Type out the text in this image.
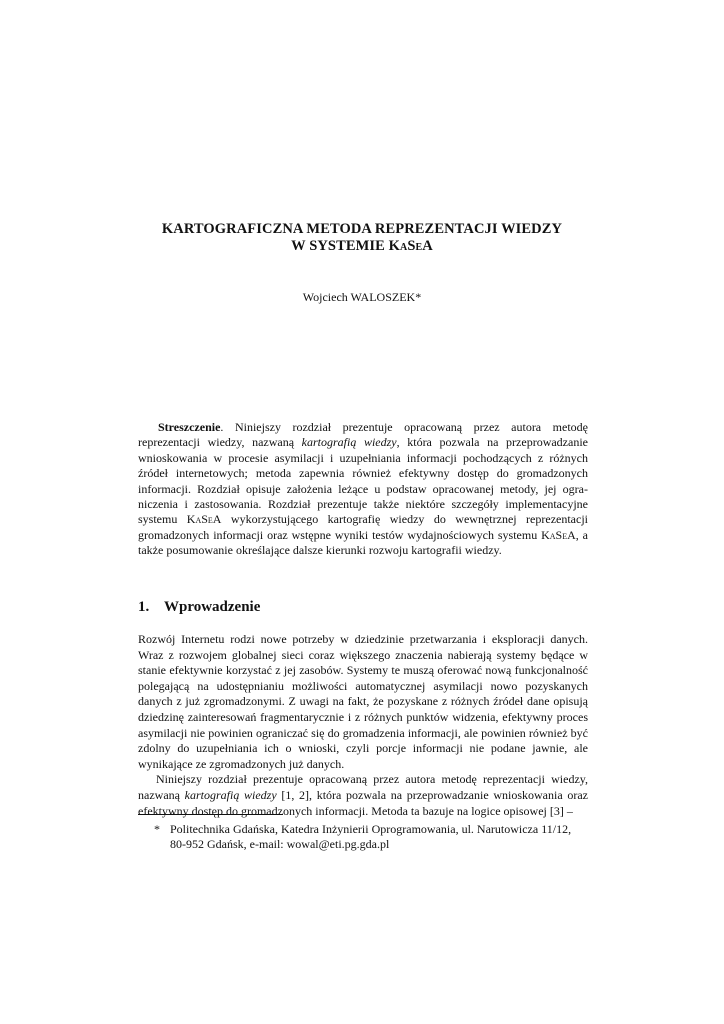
KARTOGRAFICZNA METODA REPREZENTACJI WIEDZY
W SYSTEMIE KaSeA
Wojciech WALOSZEK*

Streszczenie. Niniejszy rozdział prezentuje opracowaną przez autora metodę reprezentacji wiedzy, nazwaną kartografią wiedzy, która pozwala na przeprowadzanie wnioskowania w procesie asymilacji i uzupełniania informacji pochodzących z różnych źródeł internetowych; metoda zapewnia również efektywny dostęp do gromadzonych informacji. Rozdział opisuje założenia leżące u podstaw opracowanej metody, jej ogra-niczenia i zastosowania. Rozdział prezentuje także niektóre szczegóły implementacyjne systemu KaSeA wykorzystującego kartografię wiedzy do wewnętrznej reprezentacji gromadzonych informacji oraz wstępne wyniki testów wydajnościowych systemu KaSeA, a także posumowanie określające dalsze kierunki rozwoju kartografii wiedzy.

1. Wprowadzenie

Rozwój Internetu rodzi nowe potrzeby w dziedzinie przetwarzania i eksploracji danych. Wraz z rozwojem globalnej sieci coraz większego znaczenia nabierają systemy będące w stanie efektywnie korzystać z jej zasobów. Systemy te muszą oferować nową funkcjonalność polegającą na udostępnianiu możliwości automatycznej asymilacji nowo pozyskanych danych z już zgromadzonymi. Z uwagi na fakt, że pozyskane z różnych źródeł dane opisują dziedzinę zainteresowań fragmentarycznie i z różnych punktów widzenia, efektywny proces asymilacji nie powinien ograniczać się do gromadzenia informacji, ale powinien również być zdolny do uzupełniania ich o wnioski, czyli porcje informacji nie podane jawnie, ale wynikające ze zgromadzonych już danych.

Niniejszy rozdział prezentuje opracowaną przez autora metodę reprezentacji wiedzy, nazwaną kartografią wiedzy [1, 2], która pozwala na przeprowadzanie wnioskowania oraz efektywny dostęp do gromadzonych informacji. Metoda ta bazuje na logice opisowej [3] –

* Politechnika Gdańska, Katedra Inżynierii Oprogramowania, ul. Narutowicza 11/12,
80-952 Gdańsk, e-mail: wowal@eti.pg.gda.pl
